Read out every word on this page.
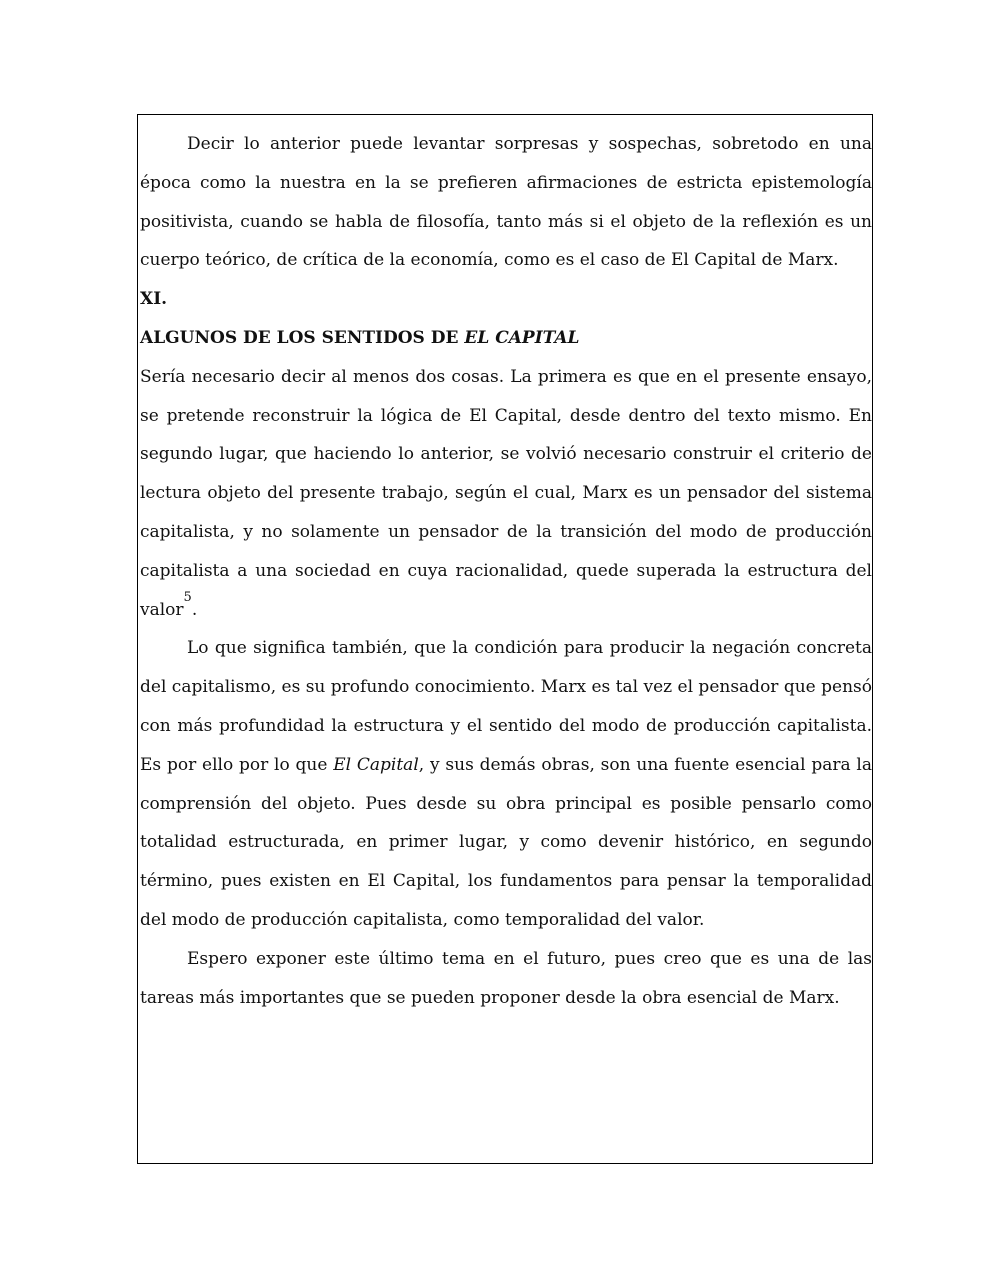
Decir lo anterior puede levantar sorpresas y sospechas, sobretodo en una época como la nuestra en la se prefieren afirmaciones de estricta epistemología positivista, cuando se habla de filosofía, tanto más si el objeto de la reflexión es un cuerpo teórico, de crítica de la economía, como es el caso de El Capital de Marx.

XI.

ALGUNOS DE LOS SENTIDOS DE EL CAPITAL

Sería necesario decir al menos dos cosas. La primera es que en el presente ensayo, se pretende reconstruir la lógica de El Capital, desde dentro del texto mismo. En segundo lugar, que haciendo lo anterior, se volvió necesario construir el criterio de lectura objeto del presente trabajo, según el cual, Marx es un pensador del sistema capitalista, y no solamente un pensador de la transición del modo de producción capitalista a una sociedad en cuya racionalidad, quede superada la estructura del valor$^5$.

Lo que significa también, que la condición para producir la negación concreta del capitalismo, es su profundo conocimiento. Marx es tal vez el pensador que pensó con más profundidad la estructura y el sentido del modo de producción capitalista. Es por ello por lo que El Capital, y sus demás obras, son una fuente esencial para la comprensión del objeto. Pues desde su obra principal es posible pensarlo como totalidad estructurada, en primer lugar, y como devenir histórico, en segundo término, pues existen en El Capital, los fundamentos para pensar la temporalidad del modo de producción capitalista, como temporalidad del valor.

Espero exponer este último tema en el futuro, pues creo que es una de las tareas más importantes que se pueden proponer desde la obra esencial de Marx.
